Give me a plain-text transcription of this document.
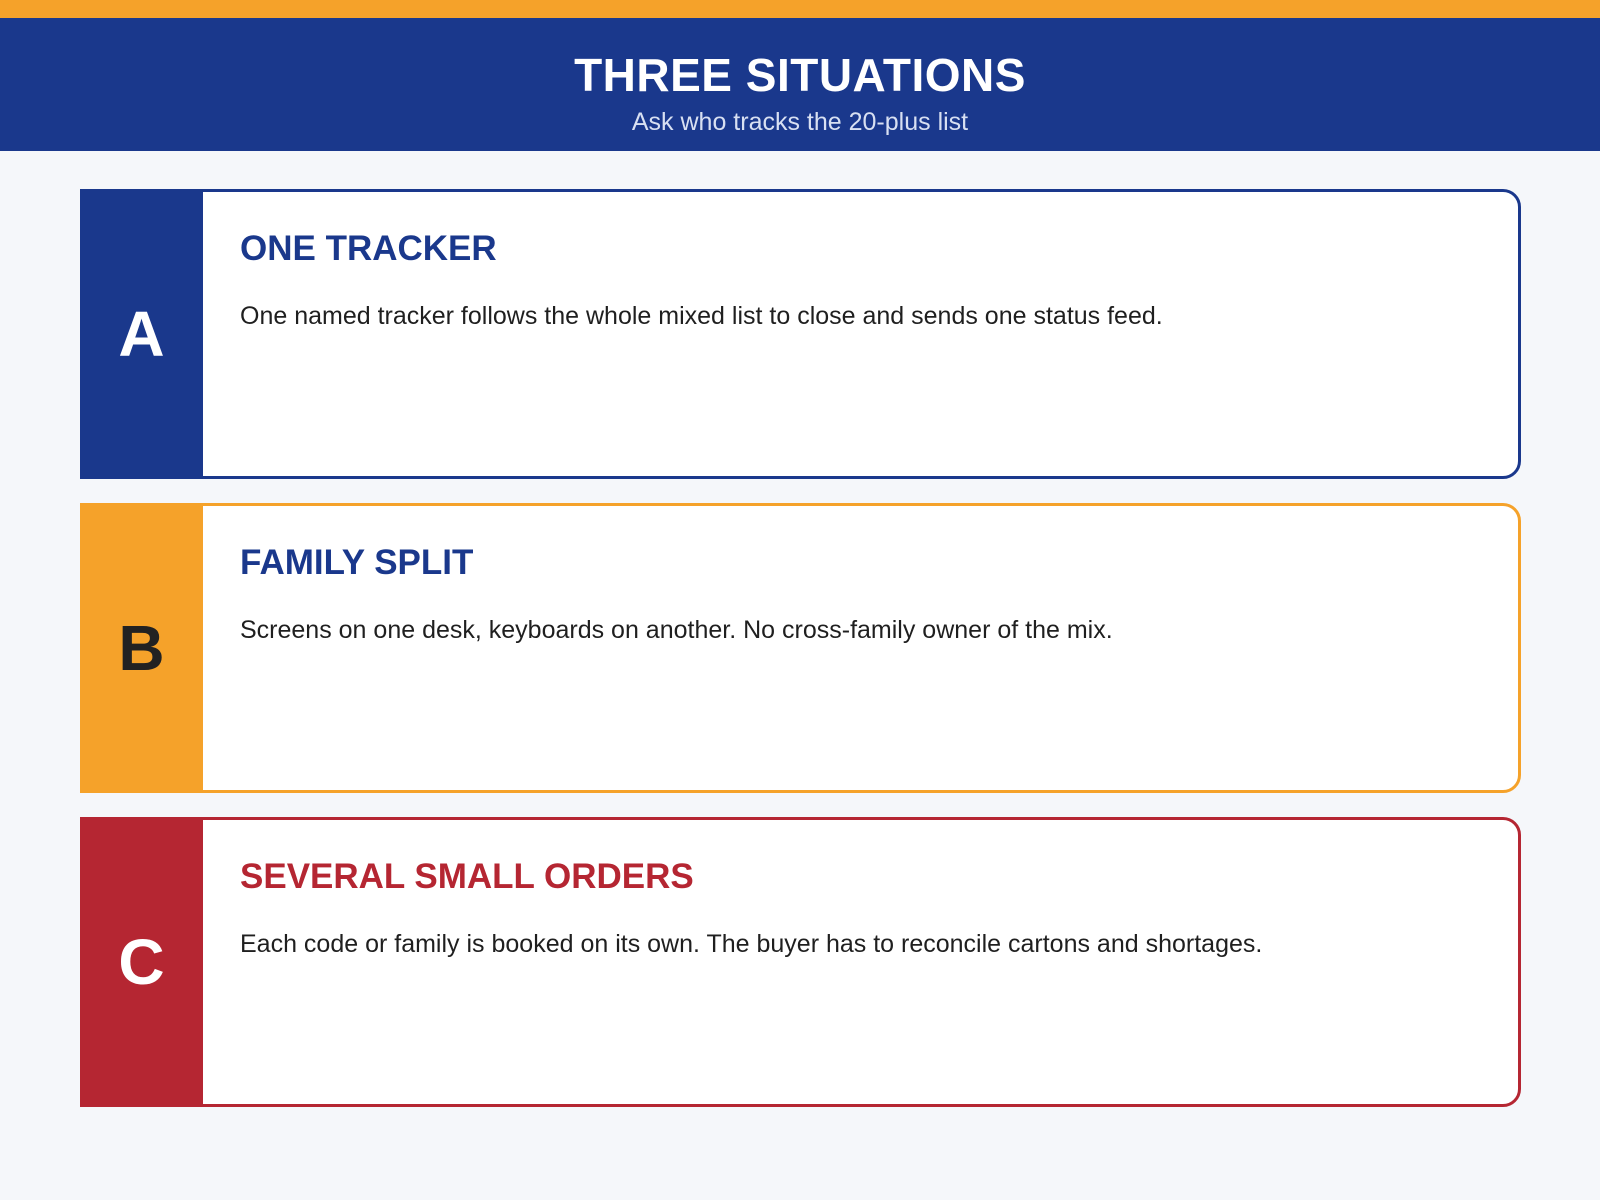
THREE SITUATIONS
Ask who tracks the 20-plus list
A
ONE TRACKER
One named tracker follows the whole mixed list to close and sends one status feed.
B
FAMILY SPLIT
Screens on one desk, keyboards on another. No cross-family owner of the mix.
C
SEVERAL SMALL ORDERS
Each code or family is booked on its own. The buyer has to reconcile cartons and shortages.
